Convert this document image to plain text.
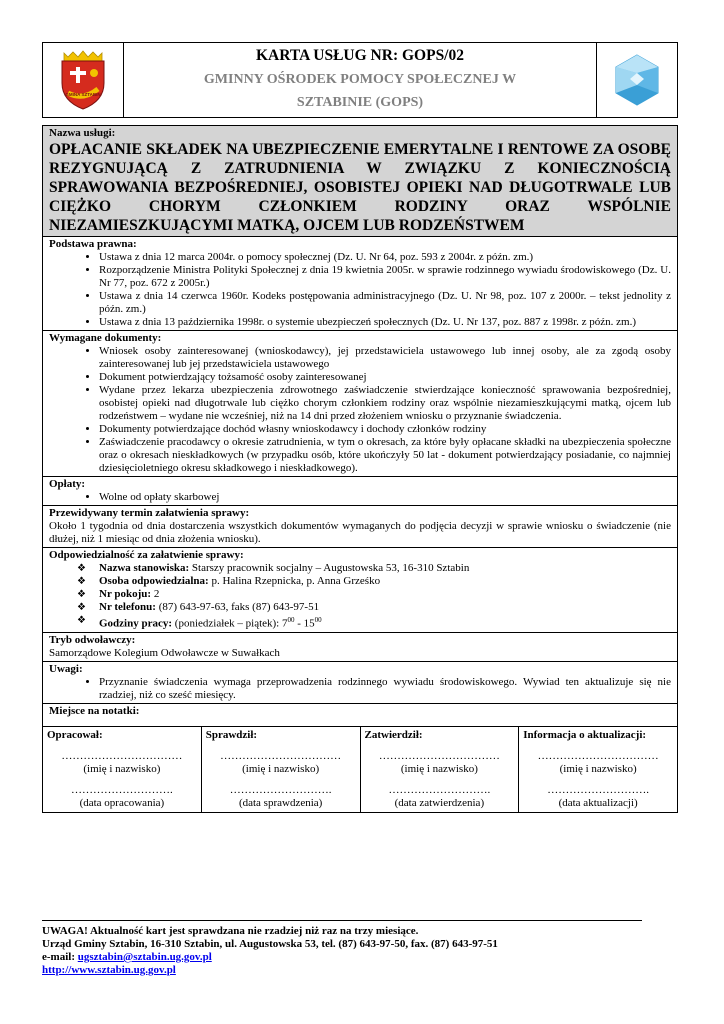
GMINA SZTABIN
KARTA USŁUG NR: GOPS/02
GMINNY OŚRODEK POMOCY SPOŁECZNEJ W
SZTABINIE (GOPS)
Nazwa usługi:
OPŁACANIE SKŁADEK NA UBEZPIECZENIE EMERYTALNE I RENTOWE ZA OSOBĘ REZYGNUJĄCĄ Z ZATRUDNIENIA W ZWIĄZKU Z KONIECZNOŚCIĄ SPRAWOWANIA BEZPOŚREDNIEJ, OSOBISTEJ OPIEKI NAD DŁUGOTRWALE LUB CIĘŻKO CHORYM CZŁONKIEM RODZINY ORAZ WSPÓLNIE NIEZAMIESZKUJĄCYMI MATKĄ, OJCEM LUB RODZEŃSTWEM
Podstawa prawna:
• Ustawa z dnia 12 marca 2004r. o pomocy społecznej (Dz. U. Nr 64, poz. 593 z 2004r. z późn. zm.)
• Rozporządzenie Ministra Polityki Społecznej z dnia 19 kwietnia 2005r. w sprawie rodzinnego wywiadu środowiskowego (Dz. U. Nr 77, poz. 672 z 2005r.)
• Ustawa z dnia 14 czerwca 1960r. Kodeks postępowania administracyjnego (Dz. U. Nr 98, poz. 107 z 2000r. – tekst jednolity z późn. zm.)
• Ustawa z dnia 13 października 1998r. o systemie ubezpieczeń społecznych (Dz. U. Nr 137, poz. 887 z 1998r. z późn. zm.)
Wymagane dokumenty:
• Wniosek osoby zainteresowanej (wnioskodawcy), jej przedstawiciela ustawowego lub innej osoby, ale za zgodą osoby zainteresowanej lub jej przedstawiciela ustawowego
• Dokument potwierdzający tożsamość osoby zainteresowanej
• Wydane przez lekarza ubezpieczenia zdrowotnego zaświadczenie stwierdzające konieczność sprawowania bezpośredniej, osobistej opieki nad długotrwale lub ciężko chorym członkiem rodziny oraz wspólnie niezamieszkującymi matką, ojcem lub rodzeństwem – wydane nie wcześniej, niż na 14 dni przed złożeniem wniosku o przyznanie świadczenia.
• Dokumenty potwierdzające dochód własny wnioskodawcy i dochody członków rodziny
• Zaświadczenie pracodawcy o okresie zatrudnienia, w tym o okresach, za które były opłacane składki na ubezpieczenia społeczne oraz o okresach nieskładkowych (w przypadku osób, które ukończyły 50 lat - dokument potwierdzający posiadanie, co najmniej dziesięcioletniego okresu składkowego i nieskładkowego).
Opłaty:
• Wolne od opłaty skarbowej
Przewidywany termin załatwienia sprawy:
Około 1 tygodnia od dnia dostarczenia wszystkich dokumentów wymaganych do podjęcia decyzji w sprawie wniosku o świadczenie (nie dłużej, niż 1 miesiąc od dnia złożenia wniosku).
Odpowiedzialność za załatwienie sprawy:
❖ Nazwa stanowiska: Starszy pracownik socjalny – Augustowska 53, 16-310 Sztabin
❖ Osoba odpowiedzialna: p. Halina Rzepnicka, p. Anna Grześko
❖ Nr pokoju: 2
❖ Nr telefonu: (87) 643-97-63, faks (87) 643-97-51
❖ Godziny pracy: (poniedziałek – piątek): $7^{00} - 15^{00}$
Tryb odwoławczy:
Samorządowe Kolegium Odwoławcze w Suwałkach
Uwagi:
• Przyznanie świadczenia wymaga przeprowadzenia rodzinnego wywiadu środowiskowego. Wywiad ten aktualizuje się nie rzadziej, niż co sześć miesięcy.
Miejsce na notatki:
Opracował:
……………………………
(imię i nazwisko)
……………………….
(data opracowania)
Sprawdził:
……………………………
(imię i nazwisko)
……………………….
(data sprawdzenia)
Zatwierdził:
……………………………
(imię i nazwisko)
……………………….
(data zatwierdzenia)
Informacja o aktualizacji:
……………………………
(imię i nazwisko)
……………………….
(data aktualizacji)
UWAGA! Aktualność kart jest sprawdzana nie rzadziej niż raz na trzy miesiące.
Urząd Gminy Sztabin, 16-310 Sztabin, ul. Augustowska 53, tel. (87) 643-97-50, fax. (87) 643-97-51
e-mail: ugsztabin@sztabin.ug.gov.pl
http://www.sztabin.ug.gov.pl
